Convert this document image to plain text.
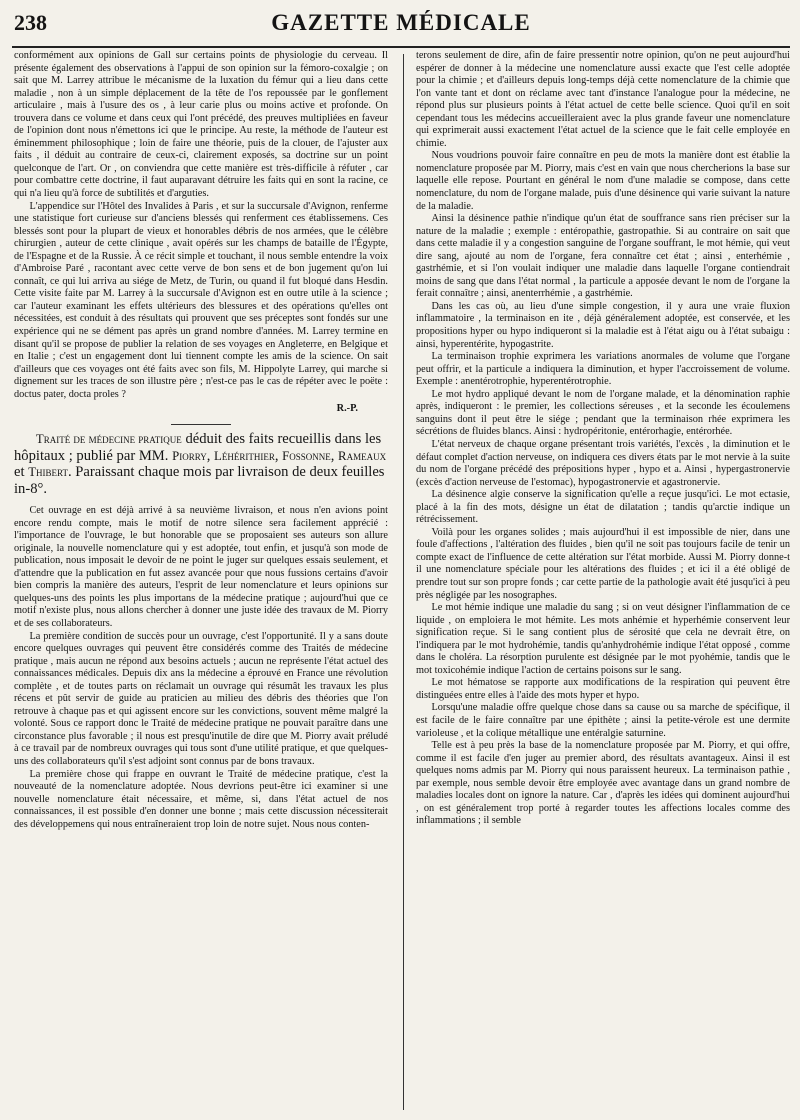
238	GAZETTE MÉDICALE

conformément aux opinions de Gall sur certains points de physiologie du cerveau. Il présente également des observations à l'appui de son opinion sur la fémoro-coxalgie ; on sait que M. Larrey attribue le mécanisme de la luxation du fémur qui a lieu dans cette maladie , non à un simple déplacement de la tête de l'os repoussée par le gonflement articulaire , mais à l'usure des os , à leur carie plus ou moins active et profonde. On trouvera dans ce volume et dans ceux qui l'ont précédé, des preuves multipliées en faveur de l'opinion dont nous n'émettons ici que le principe. Au reste, la méthode de l'auteur est éminemment philosophique ; loin de faire une théorie, puis de la clouer, de l'ajuster aux faits , il déduit au contraire de ceux-ci, clairement exposés, sa doctrine sur un point quelconque de l'art. Or , on conviendra que cette manière est très-difficile à réfuter , car pour combattre cette doctrine, il faut auparavant détruire les faits qui en sont la racine, ce qui n'a lieu qu'à force de subtilités et d'arguties.

L'appendice sur l'Hôtel des Invalides à Paris , et sur la succursale d'Avignon, renferme une statistique fort curieuse sur d'anciens blessés qui renferment ces établissemens. Ces blessés sont pour la plupart de vieux et honorables débris de nos armées, que le célèbre chirurgien , auteur de cette clinique , avait opérés sur les champs de bataille de l'Égypte, de l'Espagne et de la Russie. À ce récit simple et touchant, il nous semble entendre la voix d'Ambroise Paré , racontant avec cette verve de bon sens et de bon jugement qu'on lui connaît, ce qui lui arriva au siége de Metz, de Turin, ou quand il fut bloqué dans Hesdin. Cette visite faite par M. Larrey à la succursale d'Avignon est en outre utile à la science ; car l'auteur examinant les effets ultérieurs des blessures et des opérations qu'elles ont nécessitées, est conduit à des résultats qui prouvent que ses préceptes sont fondés sur une expérience qui ne se dément pas après un grand nombre d'années. M. Larrey termine en disant qu'il se propose de publier la relation de ses voyages en Angleterre, en Belgique et en Italie ; c'est un engagement dont lui tiennent compte les amis de la science. On sait d'ailleurs que ces voyages ont été faits avec son fils, M. Hippolyte Larrey, qui marche si dignement sur les traces de son illustre père ; n'est-ce pas le cas de répéter avec le poëte : doctus pater, docta proles ?

R.-P.

Traité de médecine pratique déduit des faits recueillis dans les hôpitaux ; publié par MM. Piorry, Léhérithier, Fossonne, Rameaux et Thibert. Paraissant chaque mois par livraison de deux feuilles in-8°.

Cet ouvrage en est déjà arrivé à sa neuvième livraison, et nous n'en avions point encore rendu compte, mais le motif de notre silence sera facilement apprécié : l'importance de l'ouvrage, le but honorable que se proposaient ses auteurs son allure originale, la nouvelle nomenclature qui y est adoptée, tout enfin, et jusqu'à son mode de publication, nous imposait le devoir de ne point le juger sur quelques essais seulement, et d'attendre que la publication en fut assez avancée pour que nous fussions certains d'avoir bien compris la manière des auteurs, l'esprit de leur nomenclature et leurs opinions sur quelques-uns des points les plus importans de la médecine pratique ; aujourd'hui que ce motif n'existe plus, nous allons chercher à donner une juste idée des travaux de M. Piorry et de ses collaborateurs.

La première condition de succès pour un ouvrage, c'est l'opportunité. Il y a sans doute encore quelques ouvrages qui peuvent être considérés comme des Traités de médecine pratique , mais aucun ne répond aux besoins actuels ; aucun ne représente l'état actuel des connaissances médicales. Depuis dix ans la médecine a éprouvé en France une révolution complète , et de toutes parts on réclamait un ouvrage qui résumât les travaux les plus récens et pût servir de guide au praticien au milieu des débris des théories que l'on retrouve à chaque pas et qui agissent encore sur les convictions, souvent même malgré la volonté. Sous ce rapport donc le Traité de médecine pratique ne pouvait paraître dans une circonstance plus favorable ; il nous est presqu'inutile de dire que M. Piorry avait préludé à ce travail par de nombreux ouvrages qui tous sont d'une utilité pratique, et que quelques-uns des collaborateurs qu'il s'est adjoint sont connus par de bons travaux.

La première chose qui frappe en ouvrant le Traité de médecine pratique, c'est la nouveauté de la nomenclature adoptée. Nous devrions peut-être ici examiner si une nouvelle nomenclature était nécessaire, et même, si, dans l'état actuel de nos connaissances, il est possible d'en donner une bonne ; mais cette discussion nécessiterait des développemens qui nous entraîneraient trop loin de notre sujet. Nous nous conten-

terons seulement de dire, afin de faire pressentir notre opinion, qu'on ne peut aujourd'hui espérer de donner à la médecine une nomenclature aussi exacte que l'est celle adoptée pour la chimie ; et d'ailleurs depuis long-temps déjà cette nomenclature de la chimie que l'on vante tant et dont on réclame avec tant d'instance l'analogue pour la médecine, ne répond plus sur plusieurs points à l'état actuel de cette belle science. Quoi qu'il en soit cependant tous les médecins accueilleraient avec la plus grande faveur une nomenclature qui exprimerait aussi exactement l'état actuel de la science que le fait celle employée en chimie.

Nous voudrions pouvoir faire connaître en peu de mots la manière dont est établie la nomenclature proposée par M. Piorry, mais c'est en vain que nous chercherions la base sur laquelle elle repose. Pourtant en général le nom d'une maladie se compose, dans cette nomenclature, du nom de l'organe malade, puis d'une désinence qui varie suivant la nature de la maladie.

Ainsi la désinence pathie n'indique qu'un état de souffrance sans rien préciser sur la nature de la maladie ; exemple : entéropathie, gastropathie. Si au contraire on sait que dans cette maladie il y a congestion sanguine de l'organe souffrant, le mot hémie, qui veut dire sang, ajouté au nom de l'organe, fera connaître cet état ; ainsi , enterhémie , gastrhémie, et si l'on voulait indiquer une maladie dans laquelle l'organe contiendrait moins de sang que dans l'état normal , la particule a apposée devant le nom de l'organe la ferait connaître ; ainsi, anenterrhémie , a gastrhémie.

Dans les cas où, au lieu d'une simple congestion, il y aura une vraie fluxion inflammatoire , la terminaison en ite , déjà généralement adoptée, est conservée, et les propositions hyper ou hypo indiqueront si la maladie est à l'état aigu ou à l'état subaigu : ainsi, hyperentérite, hypogastrite.

La terminaison trophie exprimera les variations anormales de volume que l'organe peut offrir, et la particule a indiquera la diminution, et hyper l'accroissement de volume. Exemple : anentérotrophie, hyperentérotrophie.

Le mot hydro appliqué devant le nom de l'organe malade, et la dénomination raphie après, indiqueront : le premier, les collections séreuses , et la seconde les écoulemens sanguins dont il peut être le siége ; pendant que la terminaison rhée exprimera les sécrétions de fluides blancs. Ainsi : hydropéritonie, entérorhagie, entérorhée.

L'état nerveux de chaque organe présentant trois variétés, l'excès , la diminution et le défaut complet d'action nerveuse, on indiquera ces divers états par le mot nervie à la suite du nom de l'organe précédé des prépositions hyper , hypo et a. Ainsi , hypergastronervie (excès d'action nerveuse de l'estomac), hypogastronervie et agastronervie.

La désinence algie conserve la signification qu'elle a reçue jusqu'ici. Le mot ectasie, placé à la fin des mots, désigne un état de dilatation ; tandis qu'arctie indique un rétrécissement.

Voilà pour les organes solides ; mais aujourd'hui il est impossible de nier, dans une foule d'affections , l'altération des fluides , bien qu'il ne soit pas toujours facile de tenir un compte exact de l'influence de cette altération sur l'état morbide. Aussi M. Piorry donne-t il une nomenclature spéciale pour les altérations des fluides ; et ici il a été obligé de prendre tout sur son propre fonds ; car cette partie de la pathologie avait été jusqu'ici à peu près négligée par les nosographes.

Le mot hémie indique une maladie du sang ; si on veut désigner l'inflammation de ce liquide , on emploiera le mot hémite. Les mots anhémie et hyperhémie conservent leur signification reçue. Si le sang contient plus de sérosité que cela ne devrait être, on l'indiquera par le mot hydrohémie, tandis qu'anhydrohémie indique l'état opposé , comme dans le choléra. La résorption purulente est désignée par le mot pyohémie, tandis que le mot toxicohémie indique l'action de certains poisons sur le sang.

Le mot hématose se rapporte aux modifications de la respiration qui peuvent être distinguées entre elles à l'aide des mots hyper et hypo.

Lorsqu'une maladie offre quelque chose dans sa cause ou sa marche de spécifique, il est facile de le faire connaître par une épithète ; ainsi la petite-vérole est une dermite varioleuse , et la colique métallique une entéralgie saturnine.

Telle est à peu près la base de la nomenclature proposée par M. Piorry, et qui offre, comme il est facile d'en juger au premier abord, des résultats avantageux. Ainsi il est quelques noms admis par M. Piorry qui nous paraissent heureux. La terminaison pathie , par exemple, nous semble devoir être employée avec avantage dans un grand nombre de maladies locales dont on ignore la nature. Car , d'après les idées qui dominent aujourd'hui , on est généralement trop porté à regarder toutes les affections locales comme des inflammations ; il semble
